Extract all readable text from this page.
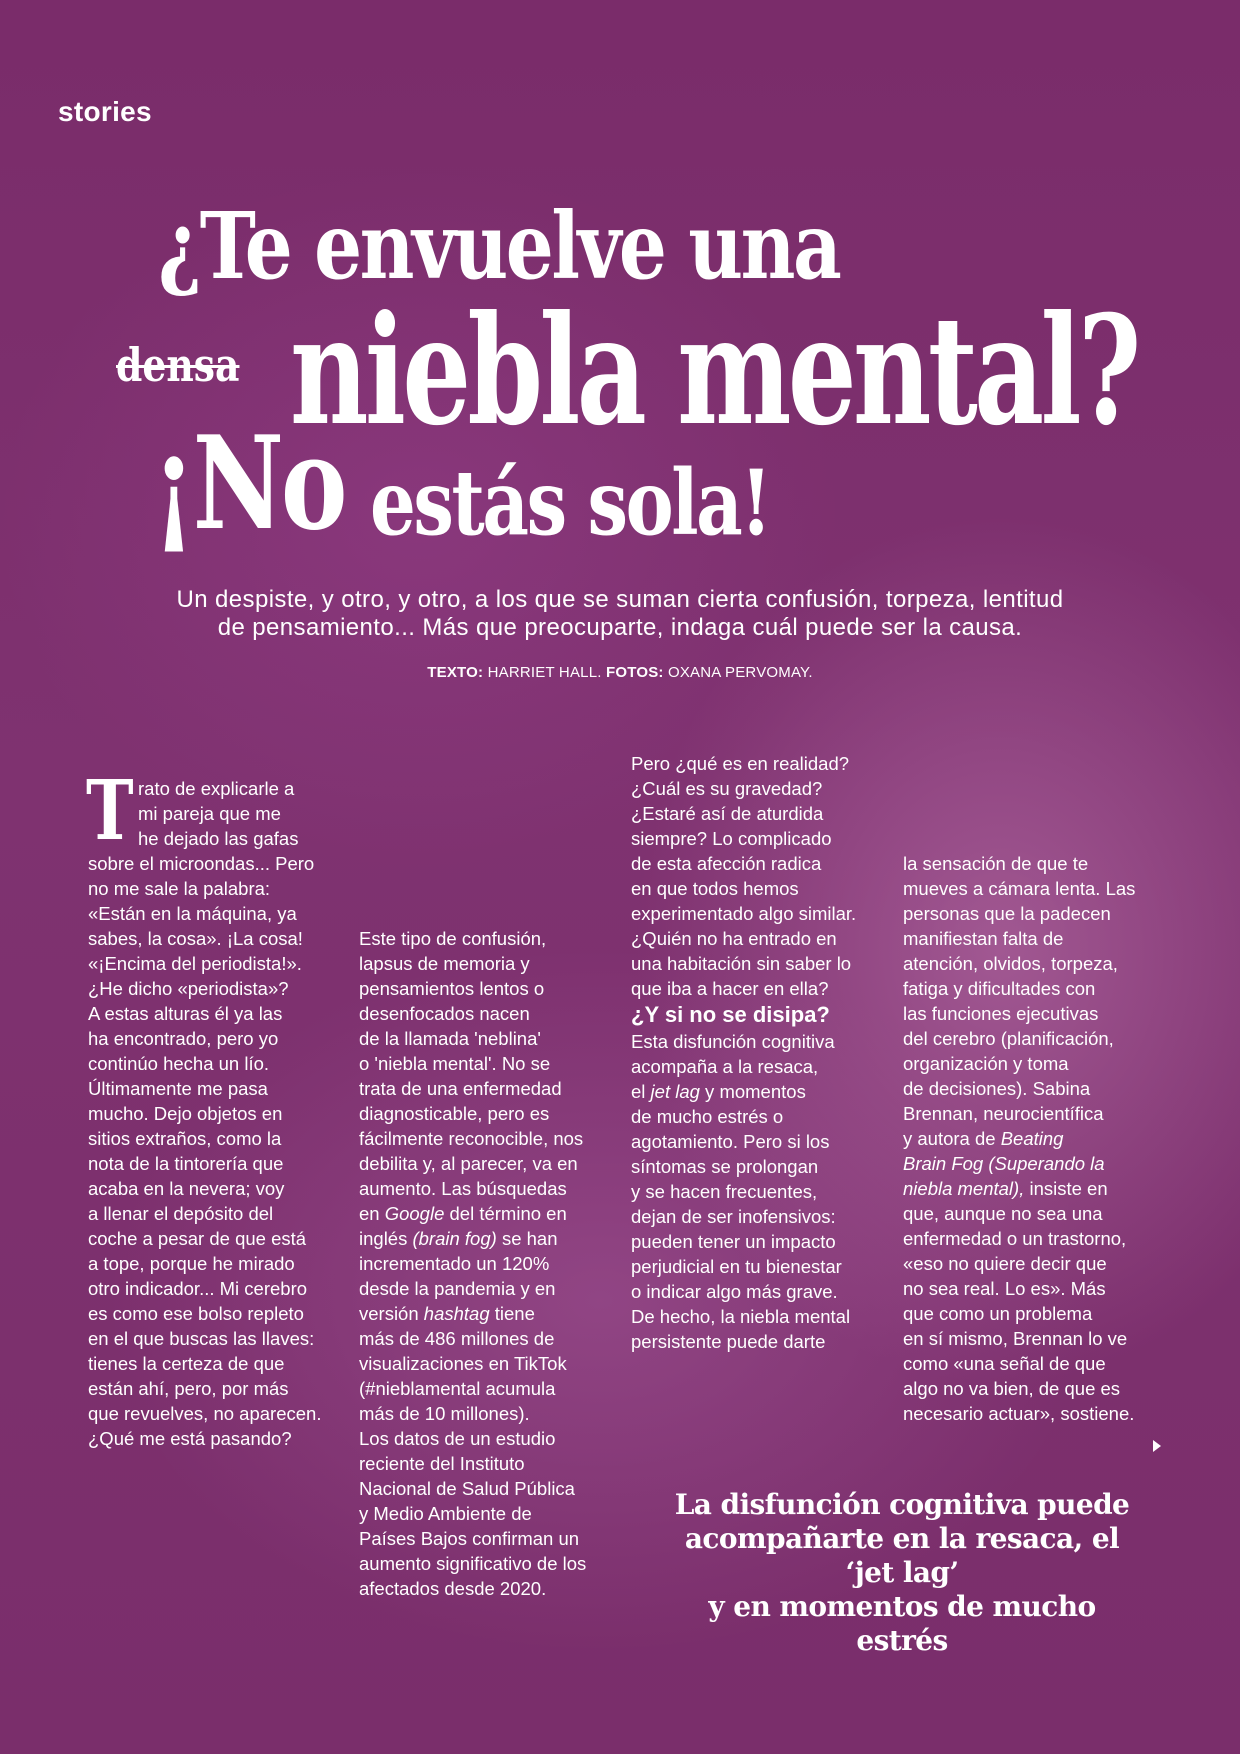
stories
¿Te envuelve una
densa niebla mental?
¡No estás sola!

Un despiste, y otro, y otro, a los que se suman cierta confusión, torpeza, lentitud

de pensamiento... Más que preocuparte, indaga cuál puede ser la causa.

TEXTO: HARRIET HALL. FOTOS: OXANA PERVOMAY.
T rato de explicarle a

mi pareja que me

he dejado las gafas

sobre el microondas... Pero

no me sale la palabra:

«Están en la máquina, ya

sabes, la cosa». ¡La cosa!

«¡Encima del periodista!».

¿He dicho «periodista»?

A estas alturas él ya las

ha encontrado, pero yo

continúo hecha un lío.

Últimamente me pasa

mucho. Dejo objetos en

sitios extraños, como la

nota de la tintorería que

acaba en la nevera; voy

a llenar el depósito del

coche a pesar de que está

a tope, porque he mirado

otro indicador... Mi cerebro

es como ese bolso repleto

en el que buscas las llaves:

tienes la certeza de que

están ahí, pero, por más

que revuelves, no aparecen.

¿Qué me está pasando?

Este tipo de confusión,

lapsus de memoria y

pensamientos lentos o

desenfocados nacen

de la llamada 'neblina'

o 'niebla mental'. No se

trata de una enfermedad

diagnosticable, pero es

fácilmente reconocible, nos

debilita y, al parecer, va en

aumento. Las búsquedas

en Google del término en

inglés (brain fog) se han

incrementado un 120%

desde la pandemia y en

versión hashtag tiene

más de 486 millones de

visualizaciones en TikTok

(#nieblamental acumula

más de 10 millones).

Los datos de un estudio

reciente del Instituto

Nacional de Salud Pública

y Medio Ambiente de

Países Bajos confirman un

aumento significativo de los

afectados desde 2020.

Pero ¿qué es en realidad?

¿Cuál es su gravedad?

¿Estaré así de aturdida

siempre? Lo complicado

de esta afección radica

en que todos hemos

experimentado algo similar.

¿Quién no ha entrado en

una habitación sin saber lo

que iba a hacer en ella?

¿Y si no se disipa?

Esta disfunción cognitiva

acompaña a la resaca,

el jet lag y momentos

de mucho estrés o

agotamiento. Pero si los

síntomas se prolongan

y se hacen frecuentes,

dejan de ser inofensivos:

pueden tener un impacto

perjudicial en tu bienestar

o indicar algo más grave.

De hecho, la niebla mental

persistente puede darte

la sensación de que te

mueves a cámara lenta. Las

personas que la padecen

manifiestan falta de

atención, olvidos, torpeza,

fatiga y dificultades con

las funciones ejecutivas

del cerebro (planificación,

organización y toma

de decisiones). Sabina

Brennan, neurocientífica

y autora de Beating

Brain Fog (Superando la

niebla mental), insiste en

que, aunque no sea una

enfermedad o un trastorno,

«eso no quiere decir que

no sea real. Lo es». Más

que como un problema

en sí mismo, Brennan lo ve

como «una señal de que

algo no va bien, de que es

necesario actuar», sostiene.

La disfunción cognitiva puede

acompañarte en la resaca, el ‘jet lag’

y en momentos de mucho estrés
